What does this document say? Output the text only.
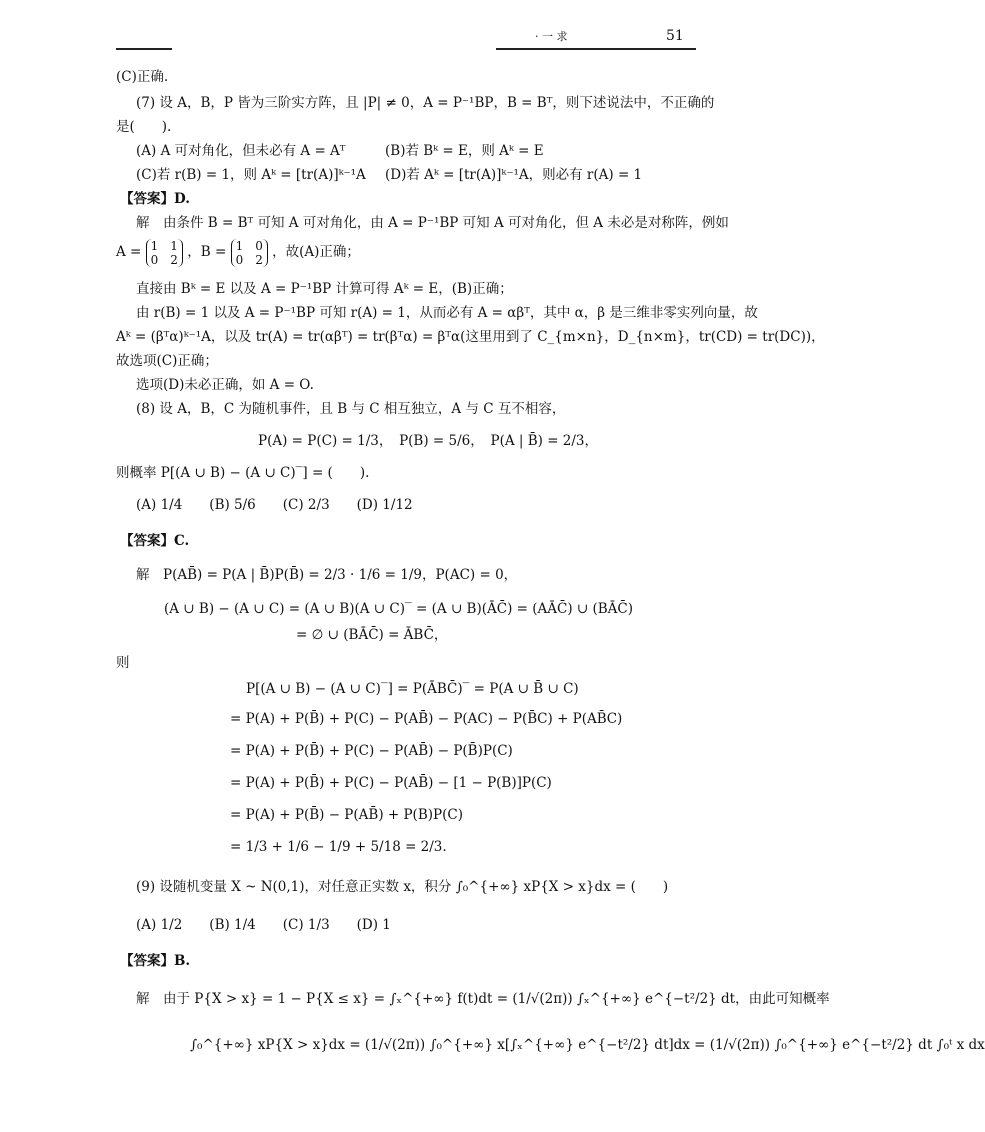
· 一 求	51
(C)正确.
(7) 设 A，B，P 皆为三阶实方阵，且 |P| ≠ 0，A = P⁻¹BP，B = Bᵀ，则下述说法中，不正确的
是(　　).
(A) A 可对角化，但未必有 A = Aᵀ	(B)若 Bᵏ = E，则 Aᵏ = E
(C)若 r(B) = 1，则 Aᵏ = [tr(A)]ᵏ⁻¹A (D)若 Aᵏ = [tr(A)]ᵏ⁻¹A，则必有 r(A) = 1
【答案】D.
解　由条件 B = Bᵀ 可知 A 可对角化，由 A = P⁻¹BP 可知 A 可对角化，但 A 未必是对称阵，例如
A = 1　1
0　2 ，B = 1　0
0　2 ，故(A)正确；
直接由 Bᵏ = E 以及 A = P⁻¹BP 计算可得 Aᵏ = E，(B)正确；
由 r(B) = 1 以及 A = P⁻¹BP 可知 r(A) = 1，从而必有 A = αβᵀ，其中 α，β 是三维非零实列向量，故
Aᵏ = (βᵀα)ᵏ⁻¹A，以及 tr(A) = tr(αβᵀ) = tr(βᵀα) = βᵀα(这里用到了 C_{m×n}，D_{n×m}，tr(CD) = tr(DC))，
故选项(C)正确；
选项(D)未必正确，如 A = O.
(8) 设 A，B，C 为随机事件，且 B 与 C 相互独立，A 与 C 互不相容，
P(A) = P(C) = 1/3，　P(B) = 5/6，　P(A | B̄) = 2/3，
则概率 P[(A ∪ B) − (A ∪ C)‾] = (　　).
(A) 1/4　　(B) 5/6　　(C) 2/3　　(D) 1/12
【答案】C.
解　P(AB̄) = P(A | B̄)P(B̄) = 2/3 · 1/6 = 1/9，P(AC) = 0，
(A ∪ B) − (A ∪ C) = (A ∪ B)(A ∪ C)‾ = (A ∪ B)(ĀC̄) = (AĀC̄) ∪ (BĀC̄)
= ∅ ∪ (BĀC̄) = ĀBC̄，
则
P[(A ∪ B) − (A ∪ C)‾] = P(ĀBC̄)‾ = P(A ∪ B̄ ∪ C)
= P(A) + P(B̄) + P(C) − P(AB̄) − P(AC) − P(B̄C) + P(AB̄C)
= P(A) + P(B̄) + P(C) − P(AB̄) − P(B̄)P(C)
= P(A) + P(B̄) + P(C) − P(AB̄) − [1 − P(B)]P(C)
= P(A) + P(B̄) − P(AB̄) + P(B)P(C)
= 1/3 + 1/6 − 1/9 + 5/18 = 2/3.
(9) 设随机变量 X ~ N(0,1)，对任意正实数 x，积分 ∫₀^{+∞} xP{X > x}dx = (　　)
(A) 1/2　　(B) 1/4　　(C) 1/3　　(D) 1
【答案】B.
解　由于 P{X > x} = 1 − P{X ≤ x} = ∫ₓ^{+∞} f(t)dt = (1/√(2π)) ∫ₓ^{+∞} e^{−t²/2} dt，由此可知概率
∫₀^{+∞} xP{X > x}dx = (1/√(2π)) ∫₀^{+∞} x[∫ₓ^{+∞} e^{−t²/2} dt]dx = (1/√(2π)) ∫₀^{+∞} e^{−t²/2} dt ∫₀ᵗ x dx
